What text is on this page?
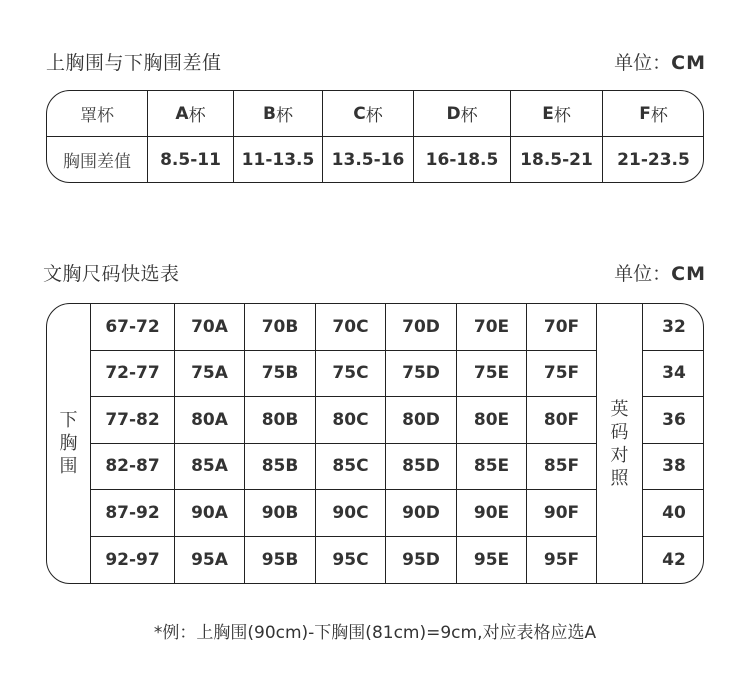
上胸围与下胸围差值	单位：CM
罩杯	A 杯	B 杯	C 杯	D 杯	E 杯	F 杯
胸围差值	8.5-11	11-13.5	13.5-16	16-18.5	18.5-21	21-23.5
文胸尺码快选表	单位：CM
下
胸
围
英
码
对
照
67-72	70A	70B	70C	70D	70E	70F	32
72-77	75A	75B	75C	75D	75E	75F	34
77-82	80A	80B	80C	80D	80E	80F	36
82-87	85A	85B	85C	85D	85E	85F	38
87-92	90A	90B	90C	90D	90E	90F	40
92-97	95A	95B	95C	95D	95E	95F	42
*例：上胸围(90cm)-下胸围(81cm)=9cm,对应表格应选A
